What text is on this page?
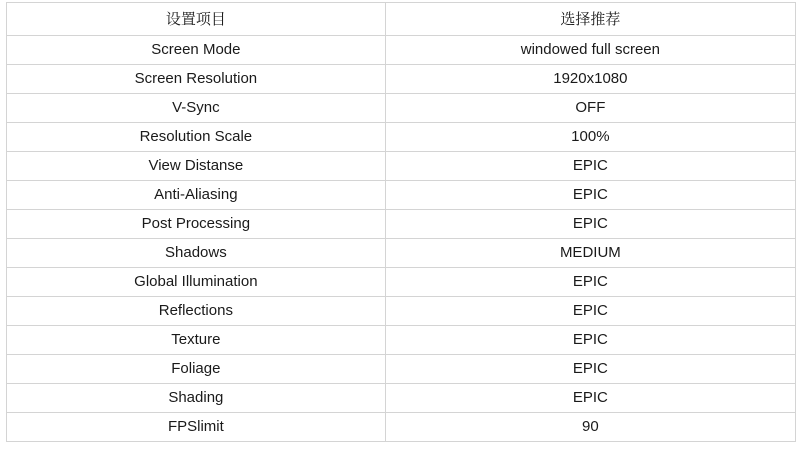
设置项目	选择推荐
Screen Mode	windowed full screen
Screen Resolution	1920x1080
V-Sync	OFF
Resolution Scale	100%
View Distanse	EPIC
Anti-Aliasing	EPIC
Post Processing	EPIC
Shadows	MEDIUM
Global Illumination	EPIC
Reflections	EPIC
Texture	EPIC
Foliage	EPIC
Shading	EPIC
FPSlimit	90
